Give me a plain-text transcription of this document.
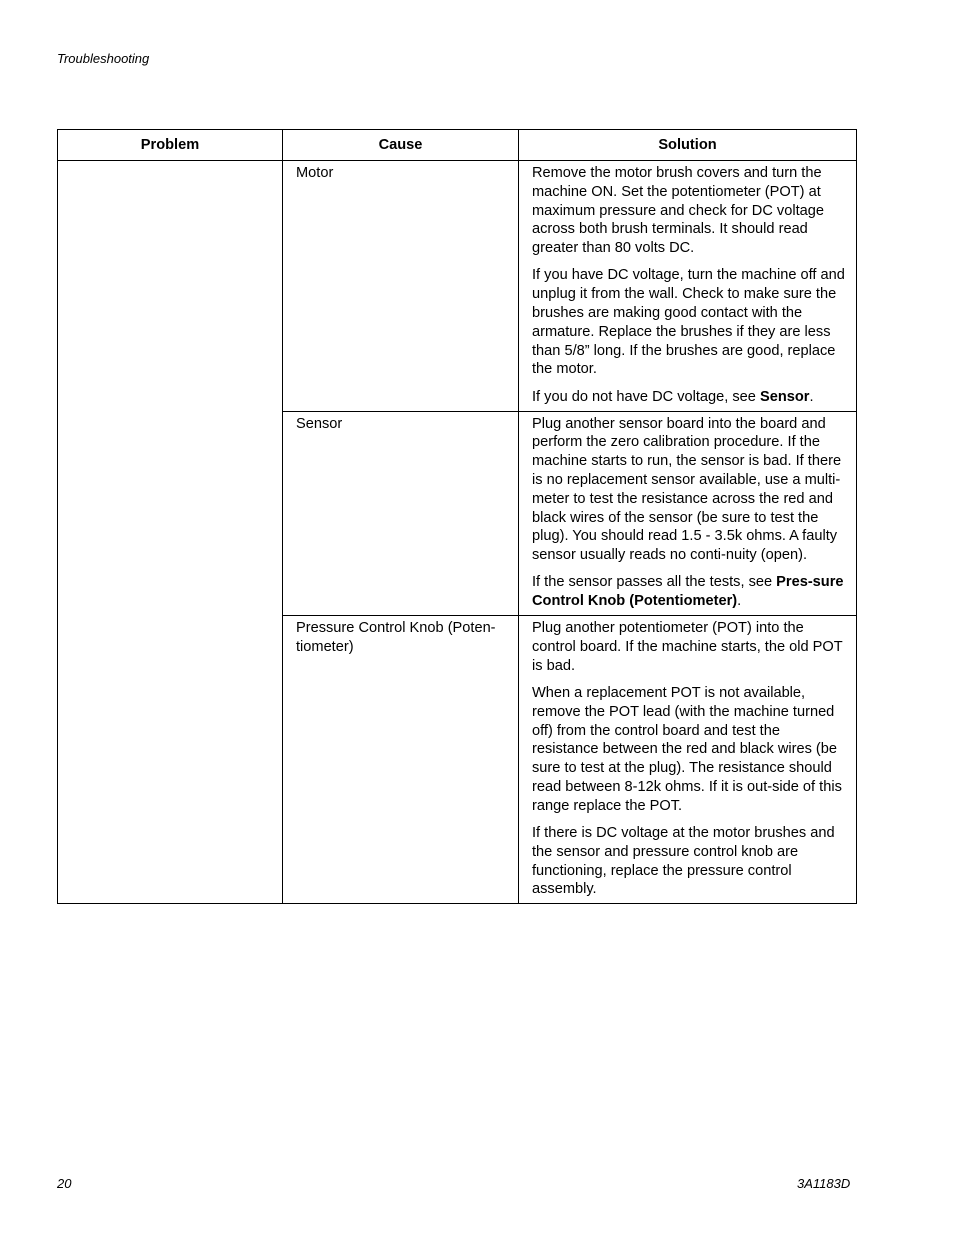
Troubleshooting
Problem	Cause	Solution
	Motor	Remove the motor brush covers and turn the machine ON. Set the potentiometer (POT) at maximum pressure and check for DC voltage across both brush terminals. It should read greater than 80 volts DC.

If you have DC voltage, turn the machine off and unplug it from the wall. Check to make sure the brushes are making good contact with the armature. Replace the brushes if they are less than 5/8” long. If the brushes are good, replace the motor.

If you do not have DC voltage, see Sensor.

	Sensor	Plug another sensor board into the board and perform the zero calibration procedure. If the machine starts to run, the sensor is bad. If there is no replacement sensor available, use a multi-meter to test the resistance across the red and black wires of the sensor (be sure to test the plug). You should read 1.5 - 3.5k ohms. A faulty sensor usually reads no conti-nuity (open).

If the sensor passes all the tests, see Pres-sure Control Knob (Potentiometer).

	Pressure Control Knob (Poten-tiometer)	Plug another potentiometer (POT) into the control board. If the machine starts, the old POT is bad.

When a replacement POT is not available, remove the POT lead (with the machine turned off) from the control board and test the resistance between the red and black wires (be sure to test at the plug). The resistance should read between 8-12k ohms. If it is out-side of this range replace the POT.

If there is DC voltage at the motor brushes and the sensor and pressure control knob are functioning, replace the pressure control assembly.

20	3A1183D
